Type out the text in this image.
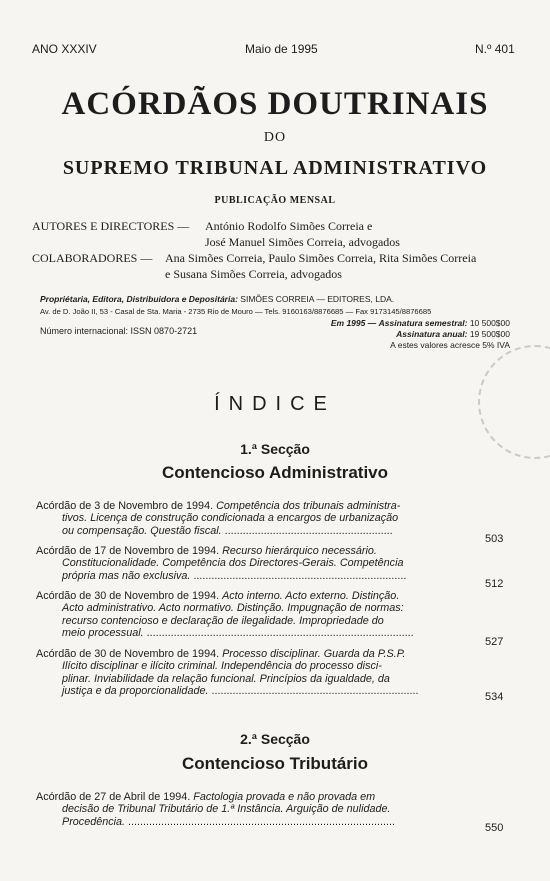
ANO XXXIV	Maio de 1995	N.º 401
ACÓRDÃOS DOUTRINAIS
DO
SUPREMO TRIBUNAL ADMINISTRATIVO
PUBLICAÇÃO MENSAL
AUTORES E DIRECTORES — António Rodolfo Simões Correia e
José Manuel Simões Correia, advogados
COLABORADORES — Ana Simões Correia, Paulo Simões Correia, Rita Simões Correia
e Susana Simões Correia, advogados
Propriétaria, Editora, Distribuidora e Depositária: SIMÕES CORREIA — EDITORES, LDA.
Av. de D. João II, 53 - Casal de Sta. Maria - 2735 Rio de Mouro — Tels. 9160163/8876685 — Fax 9173145/8876685
Número internacional: ISSN 0870-2721
Em 1995 — Assinatura semestral: 10 500$00
Assinatura anual: 19 500$00
A estes valores acresce 5% IVA
ÍNDICE
1.ª Secção
Contencioso Administrativo
Acórdão de 3 de Novembro de 1994. Competência dos tribunais administra-
tivos. Licença de construção condicionada a encargos de urbanização
ou compensação. Questão fiscal. ........................................................
503
Acórdão de 17 de Novembro de 1994. Recurso hierárquico necessário.
Constitucionalidade. Competência dos Directores-Gerais. Competência
própria mas não exclusiva. .......................................................................
512
Acórdão de 30 de Novembro de 1994. Acto interno. Acto externo. Distinção.
Acto administrativo. Acto normativo. Distinção. Impugnação de normas:
recurso contencioso e declaração de ilegalidade. Impropriedade do
meio processual. .........................................................................................
527
Acórdão de 30 de Novembro de 1994. Processo disciplinar. Guarda da P.S.P.
Ilícito disciplinar e ilícito criminal. Independência do processo disci-
plinar. Inviabilidade da relação funcional. Princípios da igualdade, da
justiça e da proporcionalidade. .....................................................................	534
2.ª Secção
Contencioso Tributário
Acórdão de 27 de Abril de 1994. Factologia provada e não provada em
decisão de Tribunal Tributário de 1.ª Instância. Arguição de nulidade.
Procedência. .........................................................................................
550
